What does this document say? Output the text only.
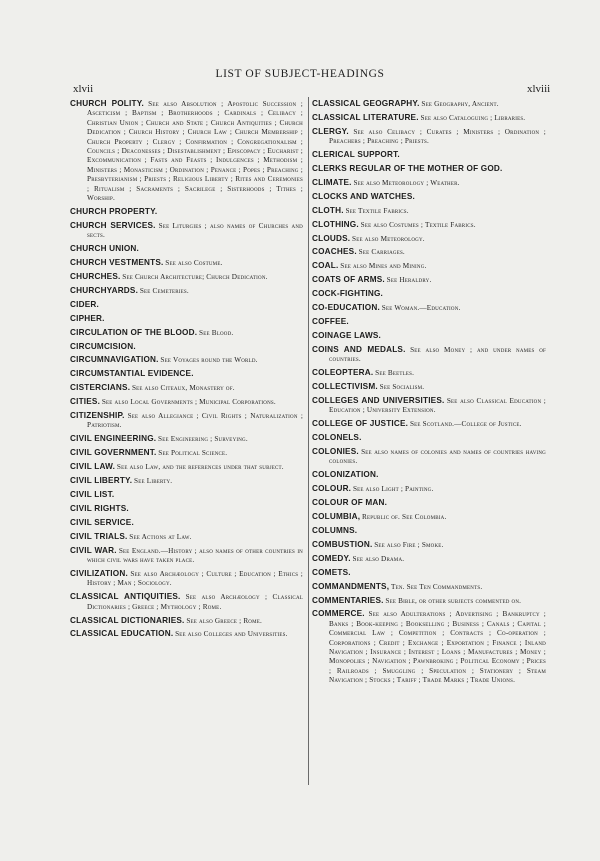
LIST OF SUBJECT-HEADINGS
xlvii	xlviii

CHURCH POLITY. See also Absolution ; Apostolic Succession ; Asceticism ; Baptism ; Brotherhoods ; Cardinals ; Celibacy ; Christian Union ; Church and State ; Church Antiquities ; Church Dedication ; Church History ; Church Law ; Church Membership ; Church Property ; Clergy ; Confirmation ; Congregationalism ; Councils ; Deaconesses ; Disestablishment ; Episcopacy ; Eucharist ; Excommunication ; Fasts and Feasts ; Indulgences ; Methodism ; Ministers ; Monasticism ; Ordination ; Penance ; Popes ; Preaching ; Presbyterianism ; Priests ; Religious Liberty ; Rites and Ceremonies ; Ritualism ; Sacraments ; Sacrilege ; Sisterhoods ; Tithes ; Worship.

CHURCH PROPERTY.

CHURCH SERVICES. See Liturgies ; also names of Churches and sects.

CHURCH UNION.

CHURCH VESTMENTS. See also Costume.

CHURCHES. See Church Architecture; Church Dedication.

CHURCHYARDS. See Cemeteries.

CIDER.

CIPHER.

CIRCULATION OF THE BLOOD. See Blood.

CIRCUMCISION.

CIRCUMNAVIGATION. See Voyages round the World.

CIRCUMSTANTIAL EVIDENCE.

CISTERCIANS. See also Citeaux, Monastery of.

CITIES. See also Local Governments ; Municipal Corporations.

CITIZENSHIP. See also Allegiance ; Civil Rights ; Naturalization ; Patriotism.

CIVIL ENGINEERING. See Engineering ; Surveying.

CIVIL GOVERNMENT. See Political Science.

CIVIL LAW. See also Law, and the references under that subject.

CIVIL LIBERTY. See Liberty.

CIVIL LIST.

CIVIL RIGHTS.

CIVIL SERVICE.

CIVIL TRIALS. See Actions at Law.

CIVIL WAR. See England.—History ; also names of other countries in which civil wars have taken place.

CIVILIZATION. See also Archæology ; Culture ; Education ; Ethics ; History ; Man ; Sociology.

CLASSICAL ANTIQUITIES. See also Archæology ; Classical Dictionaries ; Greece ; Mythology ; Rome.

CLASSICAL DICTIONARIES. See also Greece ; Rome.

CLASSICAL EDUCATION. See also Colleges and Universities.

CLASSICAL GEOGRAPHY. See Geography, Ancient.

CLASSICAL LITERATURE. See also Cataloguing ; Libraries.

CLERGY. See also Celibacy ; Curates ; Ministers ; Ordination ; Preachers ; Preaching ; Priests.

CLERICAL SUPPORT.

CLERKS REGULAR OF THE MOTHER OF GOD.

CLIMATE. See also Meteorology ; Weather.

CLOCKS AND WATCHES.

CLOTH. See Textile Fabrics.

CLOTHING. See also Costumes ; Textile Fabrics.

CLOUDS. See also Meteorology.

COACHES. See Carriages.

COAL. See also Mines and Mining.

COATS OF ARMS. See Heraldry.

COCK-FIGHTING.

CO-EDUCATION. See Woman.—Education.

COFFEE.

COINAGE LAWS.

COINS AND MEDALS. See also Money ; and under names of countries.

COLEOPTERA. See Beetles.

COLLECTIVISM. See Socialism.

COLLEGES AND UNIVERSITIES. See also Classical Education ; Education ; University Extension.

COLLEGE OF JUSTICE. See Scotland.—College of Justice.

COLONELS.

COLONIES. See also names of colonies and names of countries having colonies.

COLONIZATION.

COLOUR. See also Light ; Painting.

COLOUR OF MAN.

COLUMBIA, Republic of. See Colombia.

COLUMNS.

COMBUSTION. See also Fire ; Smoke.

COMEDY. See also Drama.

COMETS.

COMMANDMENTS, Ten. See Ten Commandments.

COMMENTARIES. See Bible, or other subjects commented on.

COMMERCE. See also Adulterations ; Advertising ; Bankruptcy ; Banks ; Book-keeping ; Bookselling ; Business ; Canals ; Capital ; Commercial Law ; Competition ; Contracts ; Co-operation ; Corporations ; Credit ; Exchange ; Exportation ; Finance ; Inland Navigation ; Insurance ; Interest ; Loans ; Manufactures ; Money ; Monopolies ; Navigation ; Pawnbroking ; Political Economy ; Prices ; Railroads ; Smuggling ; Speculation ; Stationery ; Steam Navigation ; Stocks ; Tariff ; Trade Marks ; Trade Unions.
